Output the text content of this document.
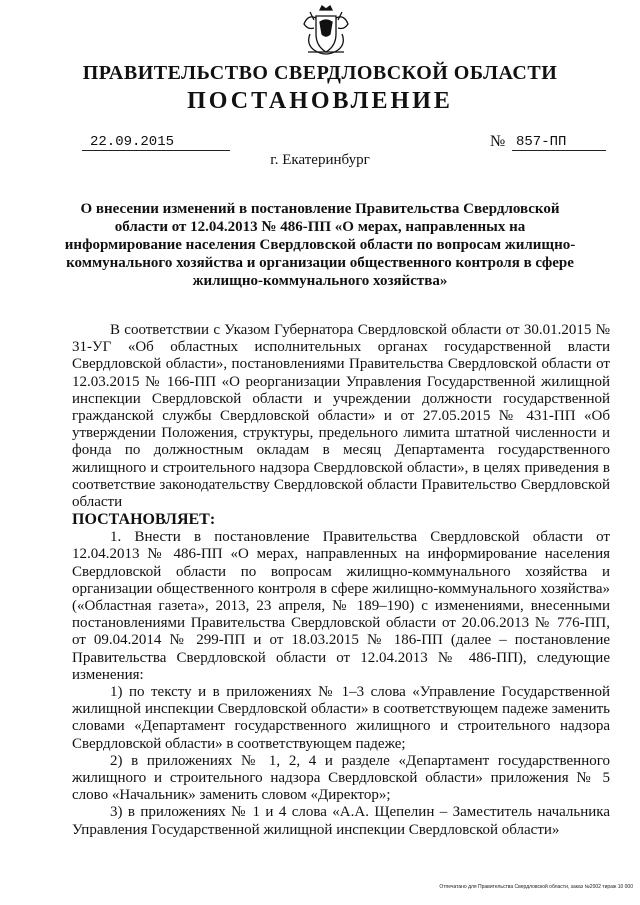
ПРАВИТЕЛЬСТВО СВЕРДЛОВСКОЙ ОБЛАСТИ
ПОСТАНОВЛЕНИЕ
22.09.2015	№ 857-ПП
г. Екатеринбург
О внесении изменений в постановление Правительства Свердловской области от 12.04.2013 № 486-ПП «О мерах, направленных на информирование населения Свердловской области по вопросам жилищно-коммунального хозяйства и организации общественного контроля в сфере жилищно-коммунального хозяйства»

В соответствии с Указом Губернатора Свердловской области от 30.01.2015 № 31-УГ «Об областных исполнительных органах государственной власти Свердловской области», постановлениями Правительства Свердловской области от 12.03.2015 № 166-ПП «О реорганизации Управления Государственной жилищной инспекции Свердловской области и учреждении должности государственной гражданской службы Свердловской области» и от 27.05.2015 № 431-ПП «Об утверждении Положения, структуры, предельного лимита штатной численности и фонда по должностным окладам в месяц Департамента государственного жилищного и строительного надзора Свердловской области», в целях приведения в соответствие законодательству Свердловской области Правительство Свердловской области

ПОСТАНОВЛЯЕТ:

1. Внести в постановление Правительства Свердловской области от 12.04.2013 № 486-ПП «О мерах, направленных на информирование населения Свердловской области по вопросам жилищно-коммунального хозяйства и организации общественного контроля в сфере жилищно-коммунального хозяйства» («Областная газета», 2013, 23 апреля, № 189–190) с изменениями, внесенными постановлениями Правительства Свердловской области от 20.06.2013 № 776-ПП, от 09.04.2014 № 299-ПП и от 18.03.2015 № 186-ПП (далее – постановление Правительства Свердловской области от 12.04.2013 № 486-ПП), следующие изменения:

1) по тексту и в приложениях № 1–3 слова «Управление Государственной жилищной инспекции Свердловской области» в соответствующем падеже заменить словами «Департамент государственного жилищного и строительного надзора Свердловской области» в соответствующем падеже;

2) в приложениях № 1, 2, 4 и разделе «Департамент государственного жилищного и строительного надзора Свердловской области» приложения № 5 слово «Начальник» заменить словом «Директор»;

3) в приложениях № 1 и 4 слова «А.А. Щепелин – Заместитель начальника Управления Государственной жилищной инспекции Свердловской области»

Отпечатано для Правительства Свердловской области, заказ №2002 тираж 10 000
